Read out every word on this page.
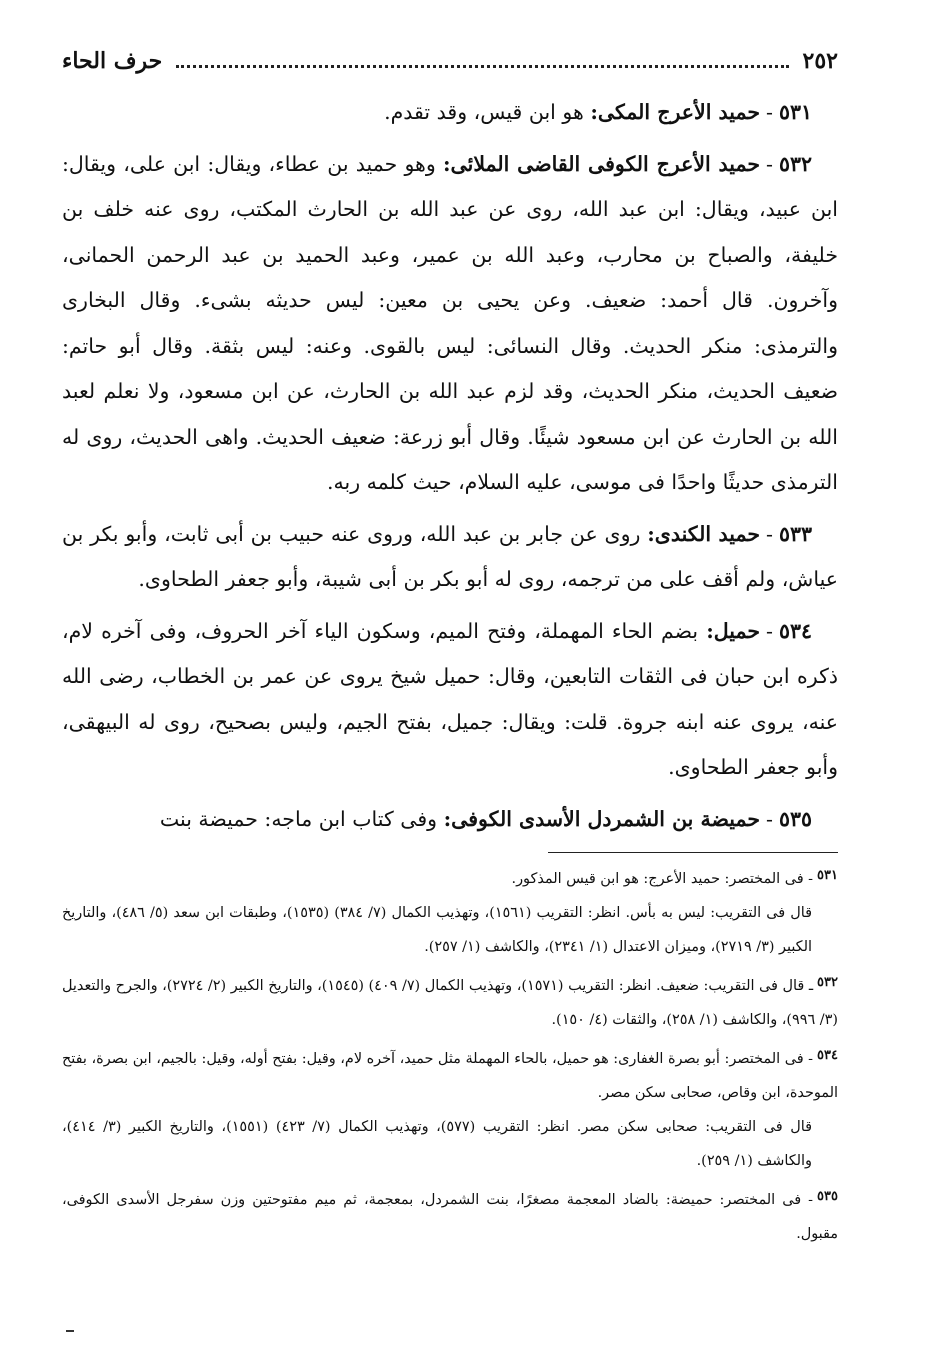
٢٥٢
حرف الحاء

٥٣١-حميد الأعرج المكى: هو ابن قيس، وقد تقدم.

٥٣٢-حميد الأعرج الكوفى القاضى الملائى: وهو حميد بن عطاء، ويقال: ابن على، ويقال: ابن عبيد، ويقال: ابن عبد الله، روى عن عبد الله بن الحارث المكتب، روى عنه خلف بن خليفة، والصباح بن محارب، وعبد الله بن عمير، وعبد الحميد بن عبد الرحمن الحمانى، وآخرون. قال أحمد: ضعيف. وعن يحيى بن معين: ليس حديثه بشىء. وقال البخارى والترمذى: منكر الحديث. وقال النسائى: ليس بالقوى. وعنه: ليس بثقة. وقال أبو حاتم: ضعيف الحديث، منكر الحديث، وقد لزم عبد الله بن الحارث، عن ابن مسعود، ولا نعلم لعبد الله بن الحارث عن ابن مسعود شيئًا. وقال أبو زرعة: ضعيف الحديث. واهى الحديث، روى له الترمذى حديثًا واحدًا فى موسى، عليه السلام، حيث كلمه ربه.

٥٣٣-حميد الكندى: روى عن جابر بن عبد الله، وروى عنه حبيب بن أبى ثابت، وأبو بكر بن عياش، ولم أقف على من ترجمه، روى له أبو بكر بن أبى شيبة، وأبو جعفر الطحاوى.

٥٣٤-حميل: بضم الحاء المهملة، وفتح الميم، وسكون الياء آخر الحروف، وفى آخره لام، ذكره ابن حبان فى الثقات التابعين، وقال: حميل شيخ يروى عن عمر بن الخطاب، رضى الله عنه، يروى عنه ابنه جروة. قلت: ويقال: جميل، بفتح الجيم، وليس بصحيح، روى له البيهقى، وأبو جعفر الطحاوى.

٥٣٥-حميضة بن الشمردل الأسدى الكوفى: وفى كتاب ابن ماجه: حميضة بنت

٥٣١- فى المختصر: حميد الأعرج: هو ابن قيس المذكور.
قال فى التقريب: ليس به بأس. انظر: التقريب (١٥٦١)، وتهذيب الكمال (٧/ ٣٨٤) (١٥٣٥)، وطبقات ابن سعد (٥/ ٤٨٦)، والتاريخ الكبير (٣/ ٢٧١٩)، وميزان الاعتدال (١/ ٢٣٤١)، والكاشف (١/ ٢٥٧).
٥٣٢ـ قال فى التقريب: ضعيف. انظر: التقريب (١٥٧١)، وتهذيب الكمال (٧/ ٤٠٩) (١٥٤٥)، والتاريخ الكبير (٢/ ٢٧٢٤)، والجرح والتعديل (٣/ ٩٩٦)، والكاشف (١/ ٢٥٨)، والثقات (٤/ ١٥٠).
٥٣٤- فى المختصر: أبو بصرة الغفارى: هو حميل، بالحاء المهملة مثل حميد، آخره لام، وقيل: بفتح أوله، وقيل: بالجيم، ابن بصرة، بفتح الموحدة، ابن وقاص، صحابى سكن مصر.
قال فى التقريب: صحابى سكن مصر. انظر: التقريب (٥٧٧)، وتهذيب الكمال (٧/ ٤٢٣) (١٥٥١)، والتاريخ الكبير (٣/ ٤١٤)، والكاشف (١/ ٢٥٩).
٥٣٥- فى المختصر: حميضة: بالضاد المعجمة مصغرًا، بنت الشمردل، بمعجمة، ثم ميم مفتوحتين وزن سفرجل الأسدى الكوفى، مقبول.
